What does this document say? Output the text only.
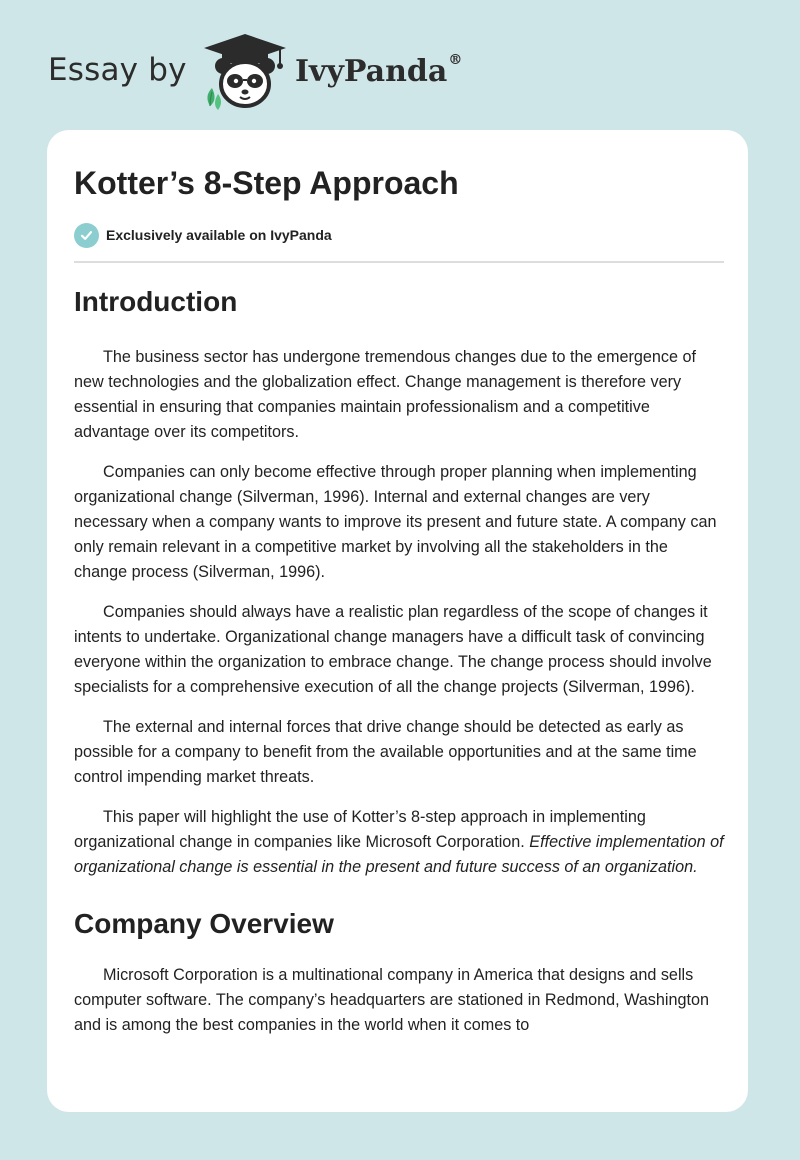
Essay by	IvyPanda®
Kotter’s 8-Step Approach
Exclusively available on IvyPanda
Introduction

The business sector has undergone tremendous changes due to the emergence of new technologies and the globalization effect. Change management is therefore very essential in ensuring that companies maintain professionalism and a competitive advantage over its competitors.

Companies can only become effective through proper planning when implementing organizational change (Silverman, 1996). Internal and external changes are very necessary when a company wants to improve its present and future state. A company can only remain relevant in a competitive market by involving all the stakeholders in the change process (Silverman, 1996).

Companies should always have a realistic plan regardless of the scope of changes it intents to undertake. Organizational change managers have a difficult task of convincing everyone within the organization to embrace change. The change process should involve specialists for a comprehensive execution of all the change projects (Silverman, 1996).

The external and internal forces that drive change should be detected as early as possible for a company to benefit from the available opportunities and at the same time control impending market threats.

This paper will highlight the use of Kotter’s 8-step approach in implementing organizational change in companies like Microsoft Corporation. Effective implementation of organizational change is essential in the present and future success of an organization.

Company Overview

Microsoft Corporation is a multinational company in America that designs and sells computer software. The company’s headquarters are stationed in Redmond, Washington and is among the best companies in the world when it comes to
